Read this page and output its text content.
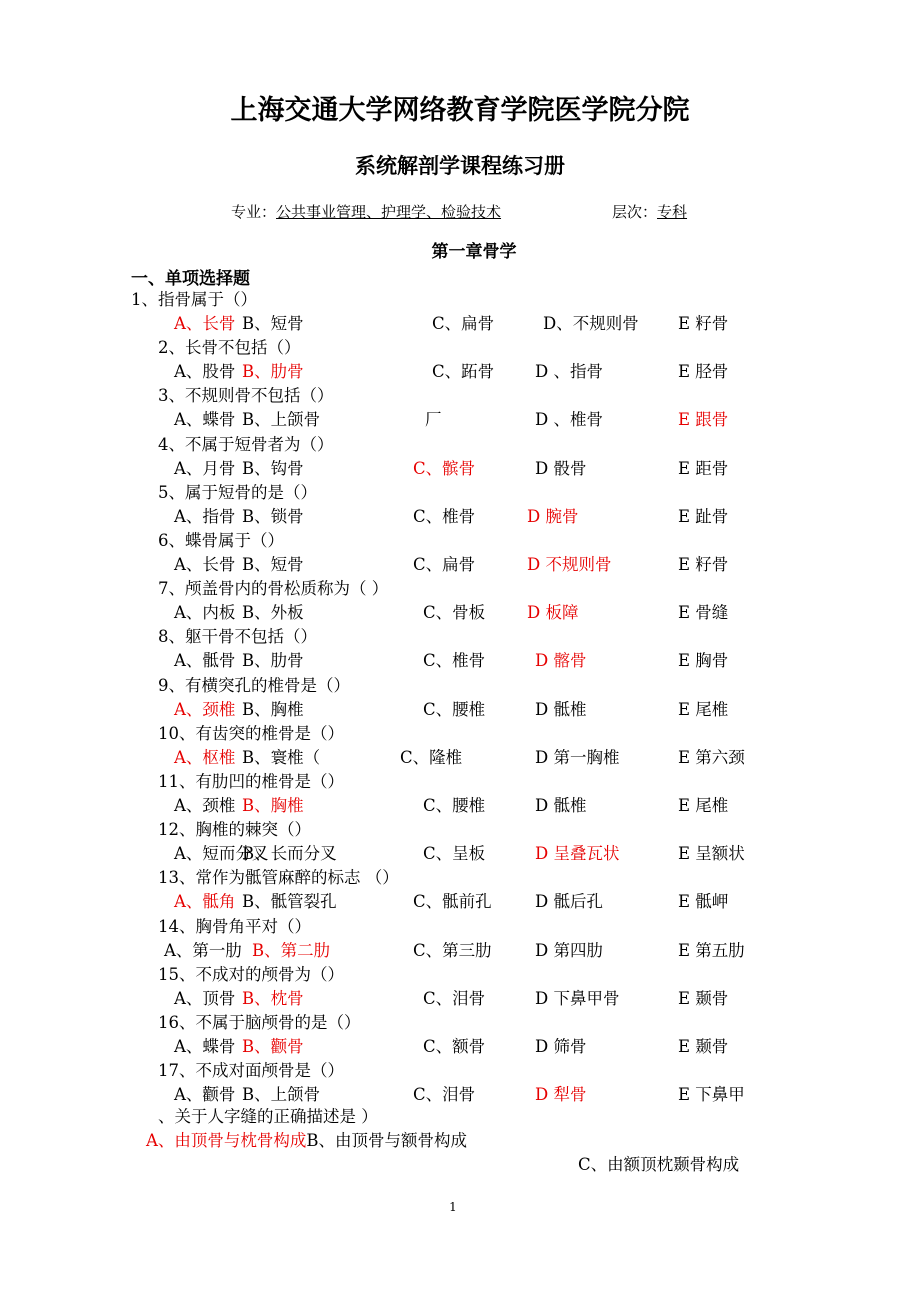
上海交通大学网络教育学院医学院分院
系统解剖学课程练习册
专业：公共事业管理、护理学、检验技术	层次：专科
第一章骨学
一、单项选择题
1、指骨属于（）
A、长骨 B、短骨	C、扁骨	D、不规则骨 E 籽骨
2、长骨不包括（）
A、股骨 B、肋骨	C、跖骨 D 、指骨	E 胫骨
3、不规则骨不包括（）
A、蝶骨 B、上颌骨	厂	D 、椎骨	E 跟骨
4、不属于短骨者为（）
A、月骨 B、钩骨	C、髌骨	D 骰骨	E 距骨
5、属于短骨的是（）
A、指骨 B、锁骨	C、椎骨	D 腕骨	E 趾骨
6、蝶骨属于（）
A、长骨 B、短骨	C、扁骨	D 不规则骨	E 籽骨
7、颅盖骨内的骨松质称为（ ）
A、内板 B、外板	C、骨板	D 板障	E 骨缝
8、躯干骨不包括（）
A、骶骨 B、肋骨	C、椎骨	D 髂骨	E 胸骨
9、有横突孔的椎骨是（）
A、颈椎 B、胸椎	C、腰椎	D 骶椎	E 尾椎
10、有齿突的椎骨是（）
A、枢椎 B、寰椎（	C、隆椎	D 第一胸椎	E 第六颈
11、有肋凹的椎骨是（）
A、颈椎 B、胸椎	C、腰椎	D 骶椎	E 尾椎
12、胸椎的棘突（）
A、短而分叉
B、长而分叉	C、呈板	D 呈叠瓦状	E 呈额状
13、常作为骶管麻醉的标志 （）
A、骶角 B、骶管裂孔	C、骶前孔	D 骶后孔	E 骶岬
14、胸骨角平对（）
A、第一肋 B、第二肋	C、第三肋	D 第四肋	E 第五肋
15、不成对的颅骨为（）
A、顶骨 B、枕骨	C、泪骨	D 下鼻甲骨	E 颞骨
16、不属于脑颅骨的是（）
A、蝶骨 B、颧骨	C、额骨	D 筛骨	E 颞骨
17、不成对面颅骨是（）
A、颧骨 B、上颌骨	C、泪骨	D 犁骨	E 下鼻甲
、关于人字缝的正确描述是 ）
A、由顶骨与枕骨构成B、由顶骨与额骨构成
C、由额顶枕颞骨构成
1
